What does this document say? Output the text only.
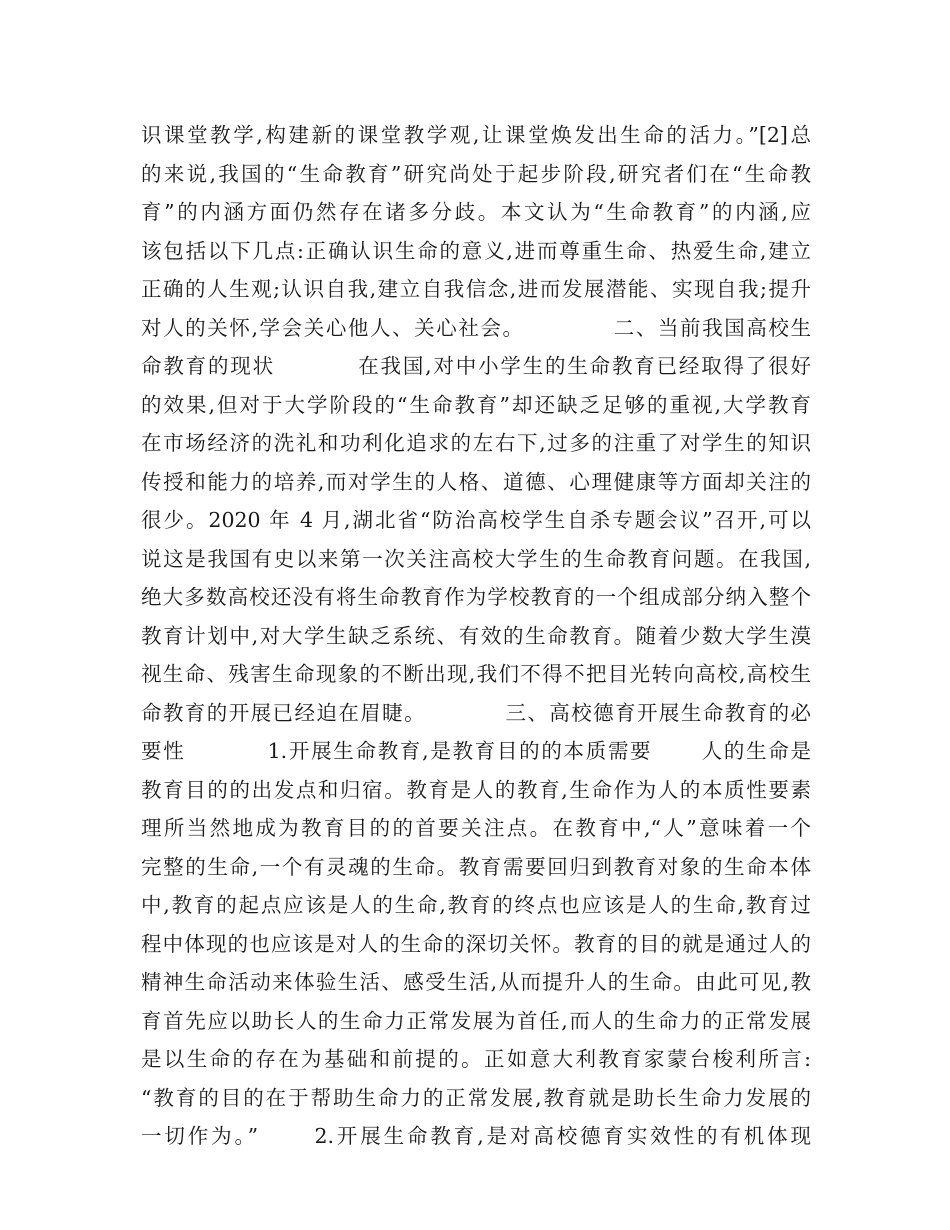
识课堂教学,构建新的课堂教学观,让课堂焕发出生命的活力。”[2]总
的来说,我国的“生命教育”研究尚处于起步阶段,研究者们在“生命教
育”的内涵方面仍然存在诸多分歧。本文认为“生命教育”的内涵,应
该包括以下几点:正确认识生命的意义,进而尊重生命、热爱生命,建立
正确的人生观;认识自我,建立自我信念,进而发展潜能、实现自我;提升
对人的关怀,学会关心他人、关心社会。           二、当前我国高校生
命教育的现状          在我国,对中小学生的生命教育已经取得了很好
的效果,但对于大学阶段的“生命教育”却还缺乏足够的重视,大学教育
在市场经济的洗礼和功利化追求的左右下,过多的注重了对学生的知识
传授和能力的培养,而对学生的人格、道德、心理健康等方面却关注的
很少。2020 年 4 月,湖北省“防治高校学生自杀专题会议”召开,可以
说这是我国有史以来第一次关注高校大学生的生命教育问题。在我国,
绝大多数高校还没有将生命教育作为学校教育的一个组成部分纳入整个
教育计划中,对大学生缺乏系统、有效的生命教育。随着少数大学生漠
视生命、残害生命现象的不断出现,我们不得不把目光转向高校,高校生
命教育的开展已经迫在眉睫。          三、高校德育开展生命教育的必
要性          1.开展生命教育,是教育目的的本质需要      人的生命是
教育目的的出发点和归宿。教育是人的教育,生命作为人的本质性要素
理所当然地成为教育目的的首要关注点。在教育中,“人”意味着一个
完整的生命,一个有灵魂的生命。教育需要回归到教育对象的生命本体
中,教育的起点应该是人的生命,教育的终点也应该是人的生命,教育过
程中体现的也应该是对人的生命的深切关怀。教育的目的就是通过人的
精神生命活动来体验生活、感受生活,从而提升人的生命。由此可见,教
育首先应以助长人的生命力正常发展为首任,而人的生命力的正常发展
是以生命的存在为基础和前提的。正如意大利教育家蒙台梭利所言:
“教育的目的在于帮助生命力的正常发展,教育就是助长生命力发展的
一切作为。”      2.开展生命教育,是对高校德育实效性的有机体现
